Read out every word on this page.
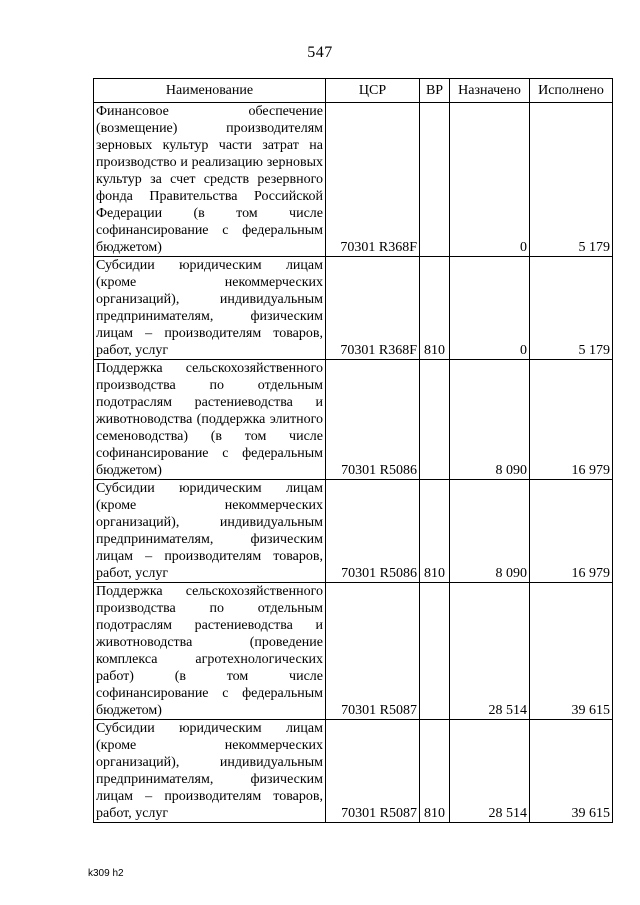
547
Наименование	ЦСР	ВР	Назначено	Исполнено
Финансовое обеспечение (возмещение) производителям зерновых культур части затрат на производство и реализацию зерновых культур за счет средств резервного фонда Правительства Российской Федерации (в том числе софинансирование с федеральным бюджетом)	70301 R368F		0	5 179
Субсидии юридическим лицам (кроме некоммерческих организаций), индивидуальным предпринимателям, физическим лицам – производителям товаров, работ, услуг	70301 R368F	810	0	5 179
Поддержка сельскохозяйственного производства по отдельным подотраслям растениеводства и животноводства (поддержка элитного семеноводства) (в том числе софинансирование с федеральным бюджетом)	70301 R5086		8 090	16 979
Субсидии юридическим лицам (кроме некоммерческих организаций), индивидуальным предпринимателям, физическим лицам – производителям товаров, работ, услуг	70301 R5086	810	8 090	16 979
Поддержка сельскохозяйственного производства по отдельным подотраслям растениеводства и животноводства (проведение комплекса агротехнологических работ) (в том числе софинансирование с федеральным бюджетом)	70301 R5087		28 514	39 615
Субсидии юридическим лицам (кроме некоммерческих организаций), индивидуальным предпринимателям, физическим лицам – производителям товаров, работ, услуг	70301 R5087	810	28 514	39 615
k309 h2
